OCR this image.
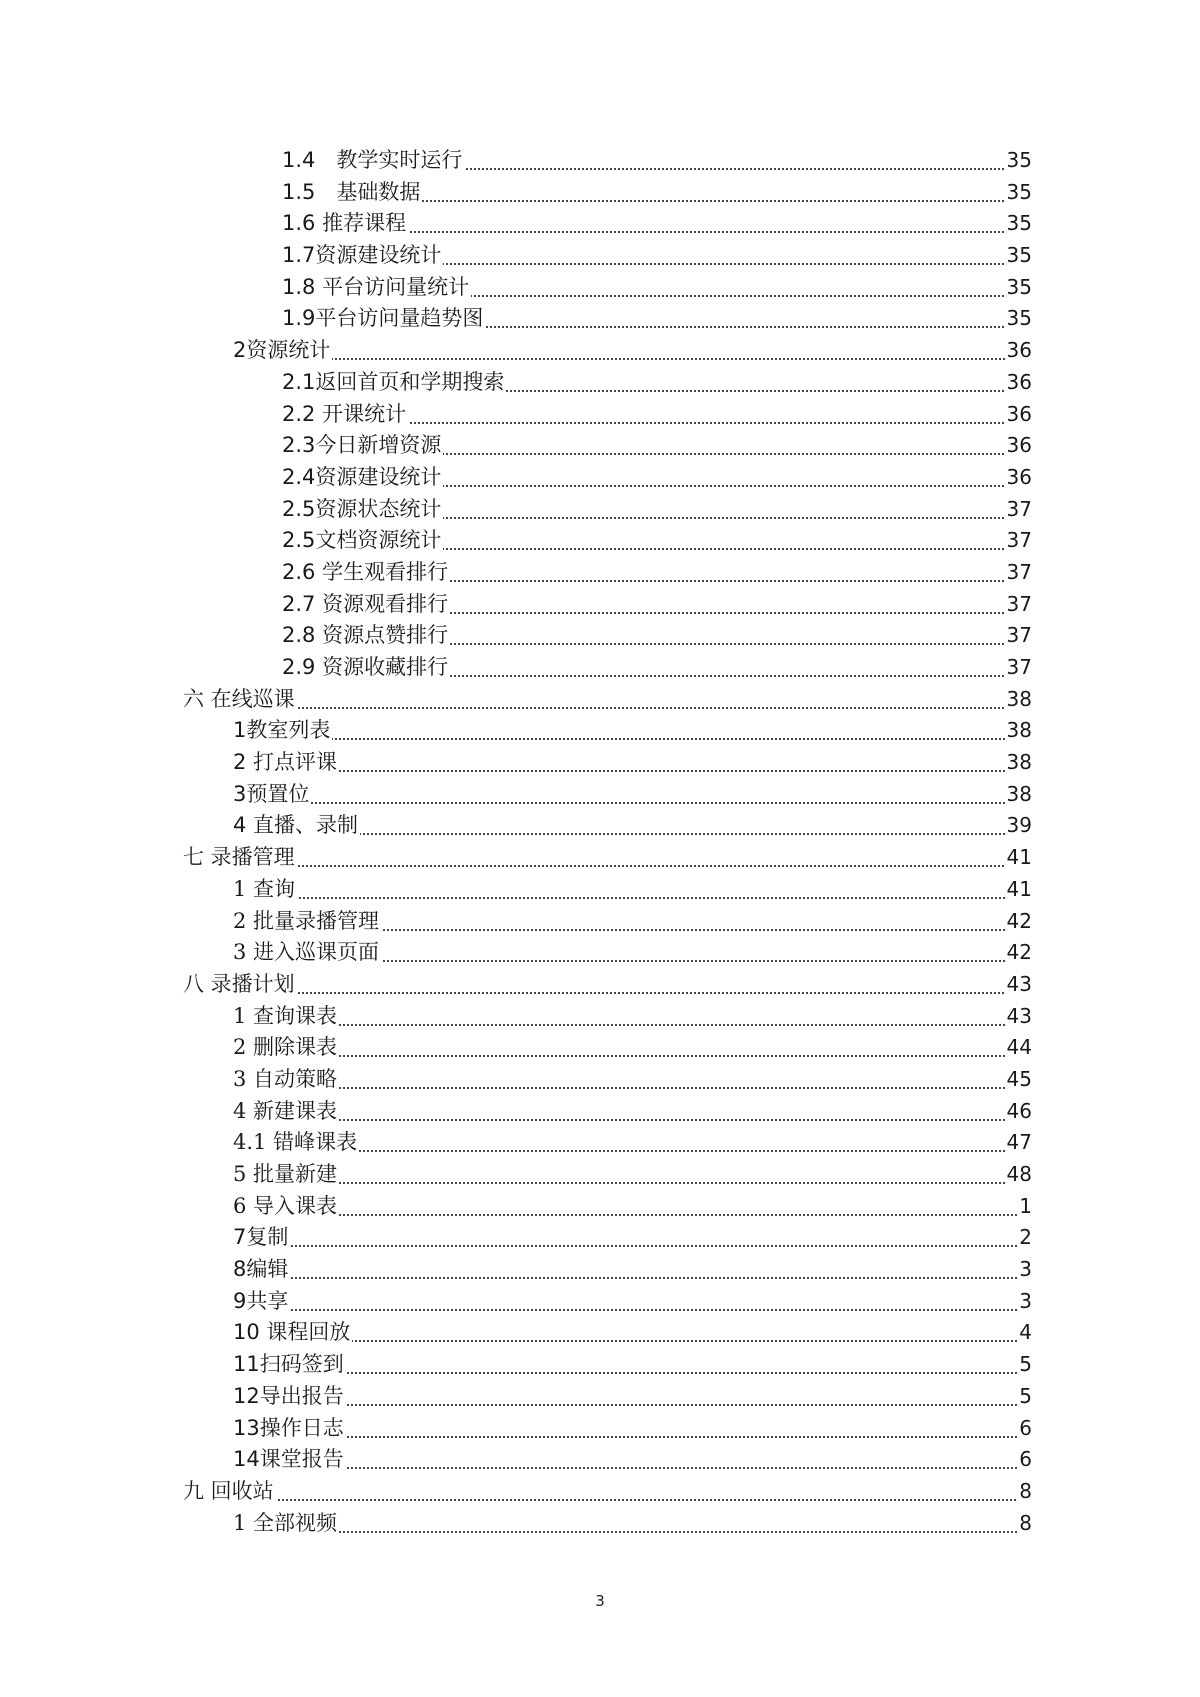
1.4　教学实时运行	35
1.5　基础数据	35
1.6 推荐课程	35
1.7资源建设统计	35
1.8 平台访问量统计	35
1.9平台访问量趋势图	35
2资源统计	36
2.1返回首页和学期搜索	36
2.2 开课统计	36
2.3今日新增资源	36
2.4资源建设统计	36
2.5资源状态统计	37
2.5文档资源统计	37
2.6 学生观看排行	37
2.7 资源观看排行	37
2.8 资源点赞排行	37
2.9 资源收藏排行	37
六 在线巡课	38
1教室列表	38
2 打点评课	38
3预置位	38
4 直播、录制	39
七 录播管理	41
1 查询	41
2 批量录播管理	42
3 进入巡课页面	42
八 录播计划	43
1 查询课表	43
2 删除课表	44
3 自动策略	45
4 新建课表	46
4.1 错峰课表	47
5 批量新建	48
6 导入课表	1
7复制	2
8编辑	3
9共享	3
10 课程回放	4
11扫码签到	5
12导出报告	5
13操作日志	6
14课堂报告	6
九 回收站	8
1 全部视频	8
3
